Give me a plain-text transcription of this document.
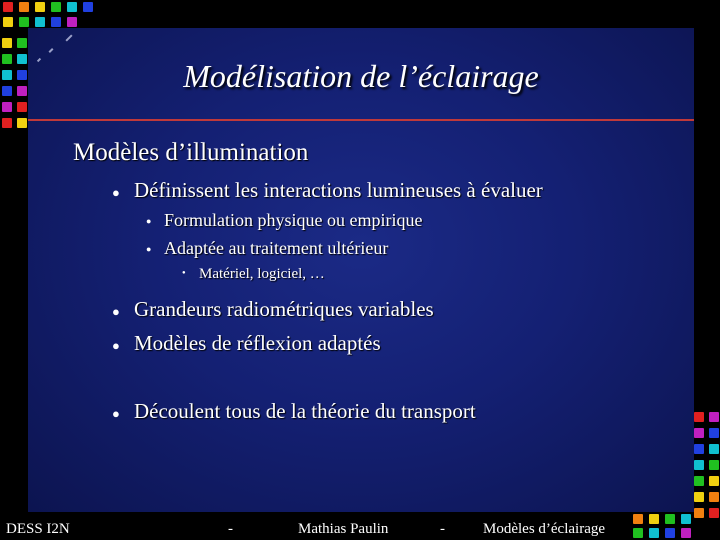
Modélisation de l’éclairage
Modèles d’illumination
● Définissent les interactions lumineuses à évaluer
● Formulation physique ou empirique
● Adaptée au traitement ultérieur
● Matériel, logiciel, …
● Grandeurs radiométriques variables
● Modèles de réflexion adaptés
● Découlent tous de la théorie du transport
DESS I2N	-	Mathias Paulin	-	Modèles d’éclairage
